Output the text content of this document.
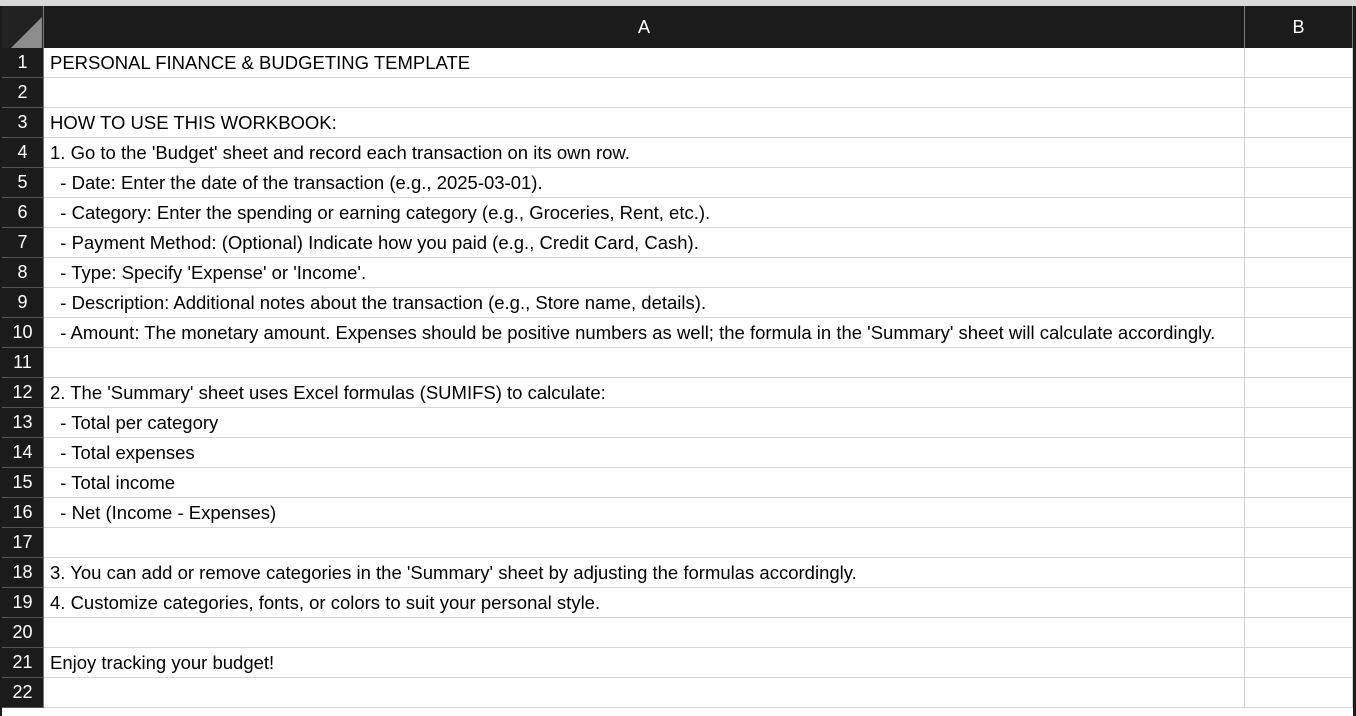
A	B
1	PERSONAL FINANCE & BUDGETING TEMPLATE
2
3	HOW TO USE THIS WORKBOOK:
4	1. Go to the 'Budget' sheet and record each transaction on its own row.
5	- Date: Enter the date of the transaction (e.g., 2025-03-01).
6	- Category: Enter the spending or earning category (e.g., Groceries, Rent, etc.).
7	- Payment Method: (Optional) Indicate how you paid (e.g., Credit Card, Cash).
8	- Type: Specify 'Expense' or 'Income'.
9	- Description: Additional notes about the transaction (e.g., Store name, details).
10 - Amount: The monetary amount. Expenses should be positive numbers as well; the formula in the 'Summary' sheet will calculate accordingly.
11
12 2. The 'Summary' sheet uses Excel formulas (SUMIFS) to calculate:
13 - Total per category
14 - Total expenses
15 - Total income
16 - Net (Income - Expenses)
17
18 3. You can add or remove categories in the 'Summary' sheet by adjusting the formulas accordingly.
19 4. Customize categories, fonts, or colors to suit your personal style.
20
21 Enjoy tracking your budget!
22
